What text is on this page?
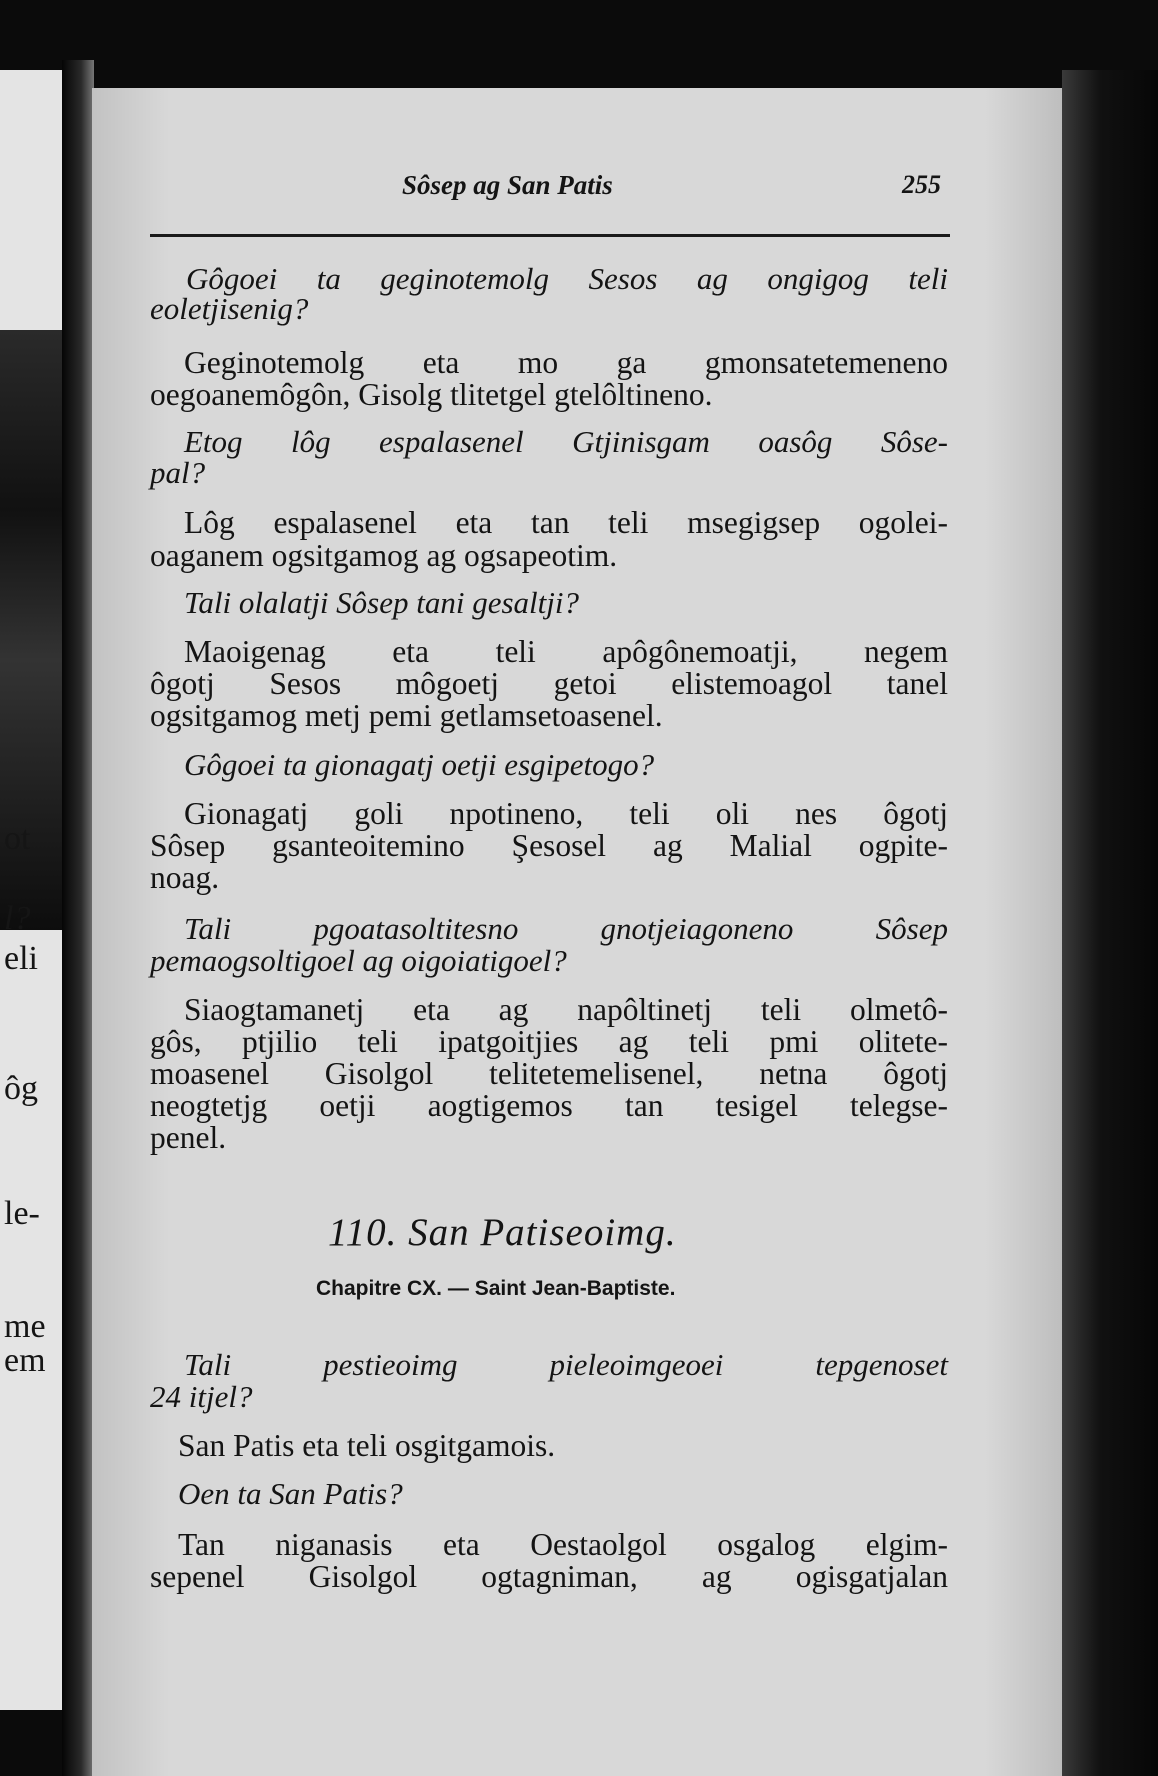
ot
l?
eli
ôg
le-
me
em
Sôsep ag San Patis	255
Gôgoei ta geginotemolg Sesos ag ongigog teli
eoletjisenig?
Geginotemolg eta mo ga gmonsatetemeneno
oegoanemôgôn, Gisolg tlitetgel gtelôltineno.
Etog lôg espalasenel Gtjinisgam oasôg Sôse-
pal?
Lôg espalasenel eta tan teli msegigsep ogolei-
oaganem ogsitgamog ag ogsapeotim.
Tali olalatji Sôsep tani gesaltji?
Maoigenag eta teli apôgônemoatji, negem
ôgotj Sesos môgoetj getoi elistemoagol tanel
ogsitgamog metj pemi getlamsetoasenel.
Gôgoei ta gionagatj oetji esgipetogo?
Gionagatj goli npotineno, teli oli nes ôgotj
Sôsep gsanteoitemino Şesosel ag Malial ogpite-
noag.
Tali pgoatasoltitesno gnotjeiagoneno Sôsep
pemaogsoltigoel ag oigoiatigoel?
Siaogtamanetj eta ag napôltinetj teli olmetô-
gôs, ptjilio teli ipatgoitjies ag teli pmi olitete-
moasenel Gisolgol telitetemelisenel, netna ôgotj
neogtetjg oetji aogtigemos tan tesigel telegse-
penel.
110. San Patiseoimg.
Chapitre CX. — Saint Jean-Baptiste.
Tali pestieoimg pieleoimgeoei tepgenoset
24 itjel?
San Patis eta teli osgitgamois.
Oen ta San Patis?
Tan niganasis eta Oestaolgol osgalog elgim-
sepenel Gisolgol ogtagniman, ag ogisgatjalan
